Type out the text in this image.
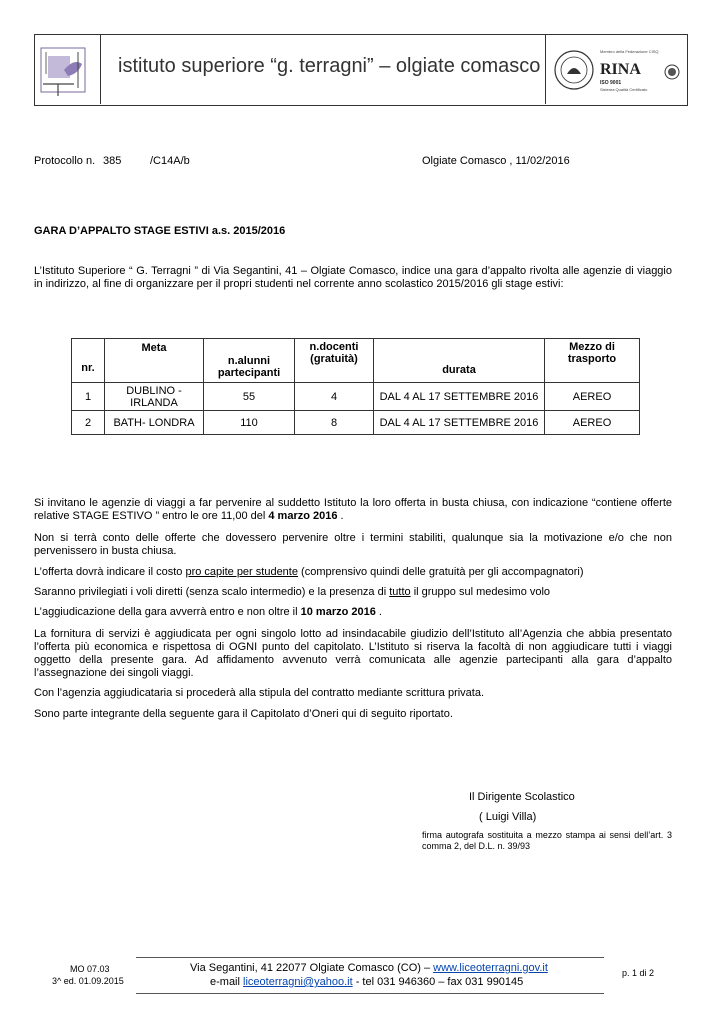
istituto superiore “g. terragni” – olgiate comasco
Membro della Federazione CISQ
RINA
ISO 9001
Sistema Qualità Certificato
Protocollo n. 385	/C14A/b	Olgiate Comasco , 11/02/2016
GARA D’APPALTO STAGE ESTIVI a.s. 2015/2016
L’Istituto Superiore “ G. Terragni ” di Via Segantini, 41 – Olgiate Comasco, indice una gara d’appalto rivolta alle agenzie di viaggio in indirizzo, al fine di organizzare per il propri studenti nel corrente anno scolastico 2015/2016 gli stage estivi:
nr.	Meta	n.alunni partecipanti	n.docenti (gratuità)	durata	Mezzo di trasporto
1	DUBLINO - IRLANDA	55	4	DAL 4 AL 17 SETTEMBRE 2016	AEREO
2	BATH- LONDRA	110	8	DAL 4 AL 17 SETTEMBRE 2016	AEREO
Si invitano le agenzie di viaggi a far pervenire al suddetto Istituto la loro offerta in busta chiusa, con indicazione “contiene offerte relative STAGE ESTIVO ” entro le ore 11,00 del 4 marzo 2016 .
Non si terrà conto delle offerte che dovessero pervenire oltre i termini stabiliti, qualunque sia la motivazione e/o che non pervenissero in busta chiusa.
L’offerta dovrà indicare il costo pro capite per studente (comprensivo quindi delle gratuità per gli accompagnatori)
Saranno privilegiati i voli diretti (senza scalo intermedio) e la presenza di tutto il gruppo sul medesimo volo
L’aggiudicazione della gara avverrà entro e non oltre il 10 marzo 2016 .
La fornitura di servizi è aggiudicata per ogni singolo lotto ad insindacabile giudizio dell’Istituto all’Agenzia che abbia presentato l’offerta più economica e rispettosa di OGNI punto del capitolato. L’Istituto si riserva la facoltà di non aggiudicare tutti i viaggi oggetto della presente gara. Ad affidamento avvenuto verrà comunicata alle agenzie partecipanti alla gara d’appalto l’assegnazione dei singoli viaggi.
Con l’agenzia aggiudicataria si procederà alla stipula del contratto mediante scrittura privata.
Sono parte integrante della seguente gara il Capitolato d’Oneri qui di seguito riportato.
Il Dirigente Scolastico
( Luigi Villa)
firma autografa sostituita a mezzo stampa ai sensi dell’art. 3 comma 2, del D.L. n. 39/93
MO 07.03
3^ ed. 01.09.2015
Via Segantini, 41 22077 Olgiate Comasco (CO) – www.liceoterragni.gov.it
e-mail liceoterragni@yahoo.it - tel 031 946360 – fax 031 990145
p. 1 di 2
